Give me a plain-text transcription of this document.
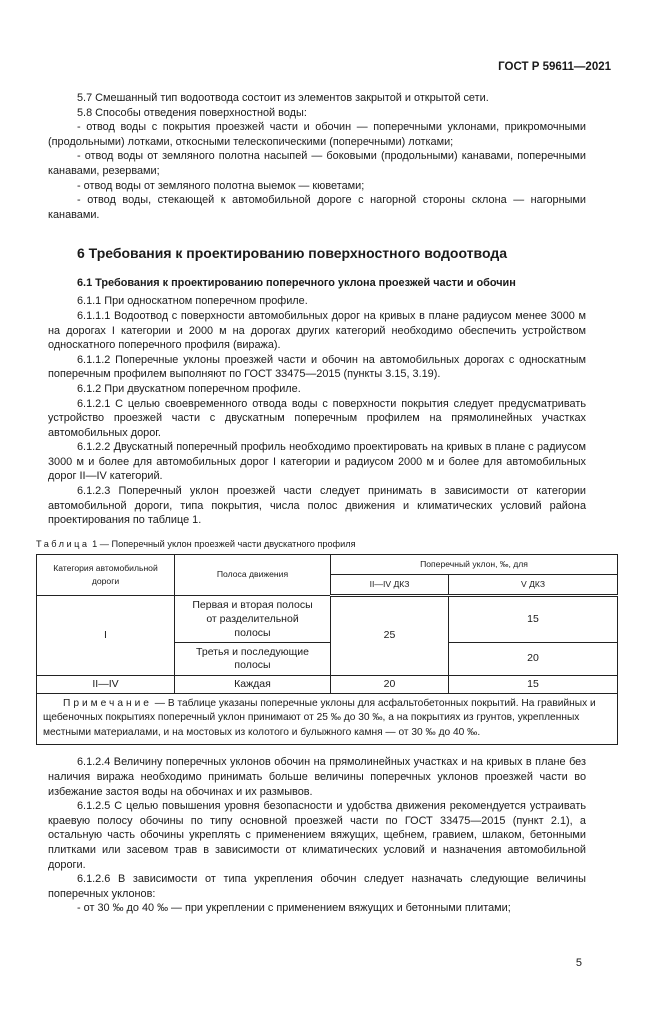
ГОСТ Р 59611—2021

5.7 Смешанный тип водоотвода состоит из элементов закрытой и открытой сети.

5.8 Способы отведения поверхностной воды:

- отвод воды с покрытия проезжей части и обочин — поперечными уклонами, прикромочными (продольными) лотками, откосными телескопическими (поперечными) лотками;

- отвод воды от земляного полотна насыпей — боковыми (продольными) канавами, поперечными канавами, резервами;

- отвод воды от земляного полотна выемок — кюветами;

- отвод воды, стекающей к автомобильной дороге с нагорной стороны склона — нагорными канавами.

6 Требования к проектированию поверхностного водоотвода
6.1 Требования к проектированию поперечного уклона проезжей части и обочин

6.1.1 При односкатном поперечном профиле.

6.1.1.1 Водоотвод с поверхности автомобильных дорог на кривых в плане радиусом менее 3000 м на дорогах I категории и 2000 м на дорогах других категорий необходимо обеспечить устройством односкатного поперечного профиля (виража).

6.1.1.2 Поперечные уклоны проезжей части и обочин на автомобильных дорогах с односкатным поперечным профилем выполняют по ГОСТ 33475—2015 (пункты 3.15, 3.19).

6.1.2 При двускатном поперечном профиле.

6.1.2.1 С целью своевременного отвода воды с поверхности покрытия следует предусматривать устройство проезжей части с двускатным поперечным профилем на прямолинейных участках автомобильных дорог.

6.1.2.2 Двускатный поперечный профиль необходимо проектировать на кривых в плане с радиусом 3000 м и более для автомобильных дорог I категории и радиусом 2000 м и более для автомобильных дорог II—IV категорий.

6.1.2.3 Поперечный уклон проезжей части следует принимать в зависимости от категории автомобильной дороги, типа покрытия, числа полос движения и климатических условий района проектирования по таблице 1.

Таблица 1 — Поперечный уклон проезжей части двускатного профиля
Категория автомобильной дороги	Полоса движения	Поперечный уклон, ‰, для	
		II—IV ДКЗ	V ДКЗ
I	Первая и вторая полосы от разделительной полосы	25	15
	Третья и последующие полосы		20
II—IV	Каждая	20	15
Примечание — В таблице указаны поперечные уклоны для асфальтобетонных покрытий. На гравийных и щебеночных покрытиях поперечный уклон принимают от 25 ‰ до 30 ‰, а на покрытиях из грунтов, укрепленных местными материалами, и на мостовых из колотого и булыжного камня — от 30 ‰ до 40 ‰.			

6.1.2.4 Величину поперечных уклонов обочин на прямолинейных участках и на кривых в плане без наличия виража необходимо принимать больше величины поперечных уклонов проезжей части во избежание застоя воды на обочинах и их размывов.

6.1.2.5 С целью повышения уровня безопасности и удобства движения рекомендуется устраивать краевую полосу обочины по типу основной проезжей части по ГОСТ 33475—2015 (пункт 2.1), а остальную часть обочины укреплять с применением вяжущих, щебнем, гравием, шлаком, бетонными плитками или засевом трав в зависимости от климатических условий и назначения автомобильной дороги.

6.1.2.6 В зависимости от типа укрепления обочин следует назначать следующие величины поперечных уклонов:

- от 30 ‰ до 40 ‰ — при укреплении с применением вяжущих и бетонными плитами;

5
